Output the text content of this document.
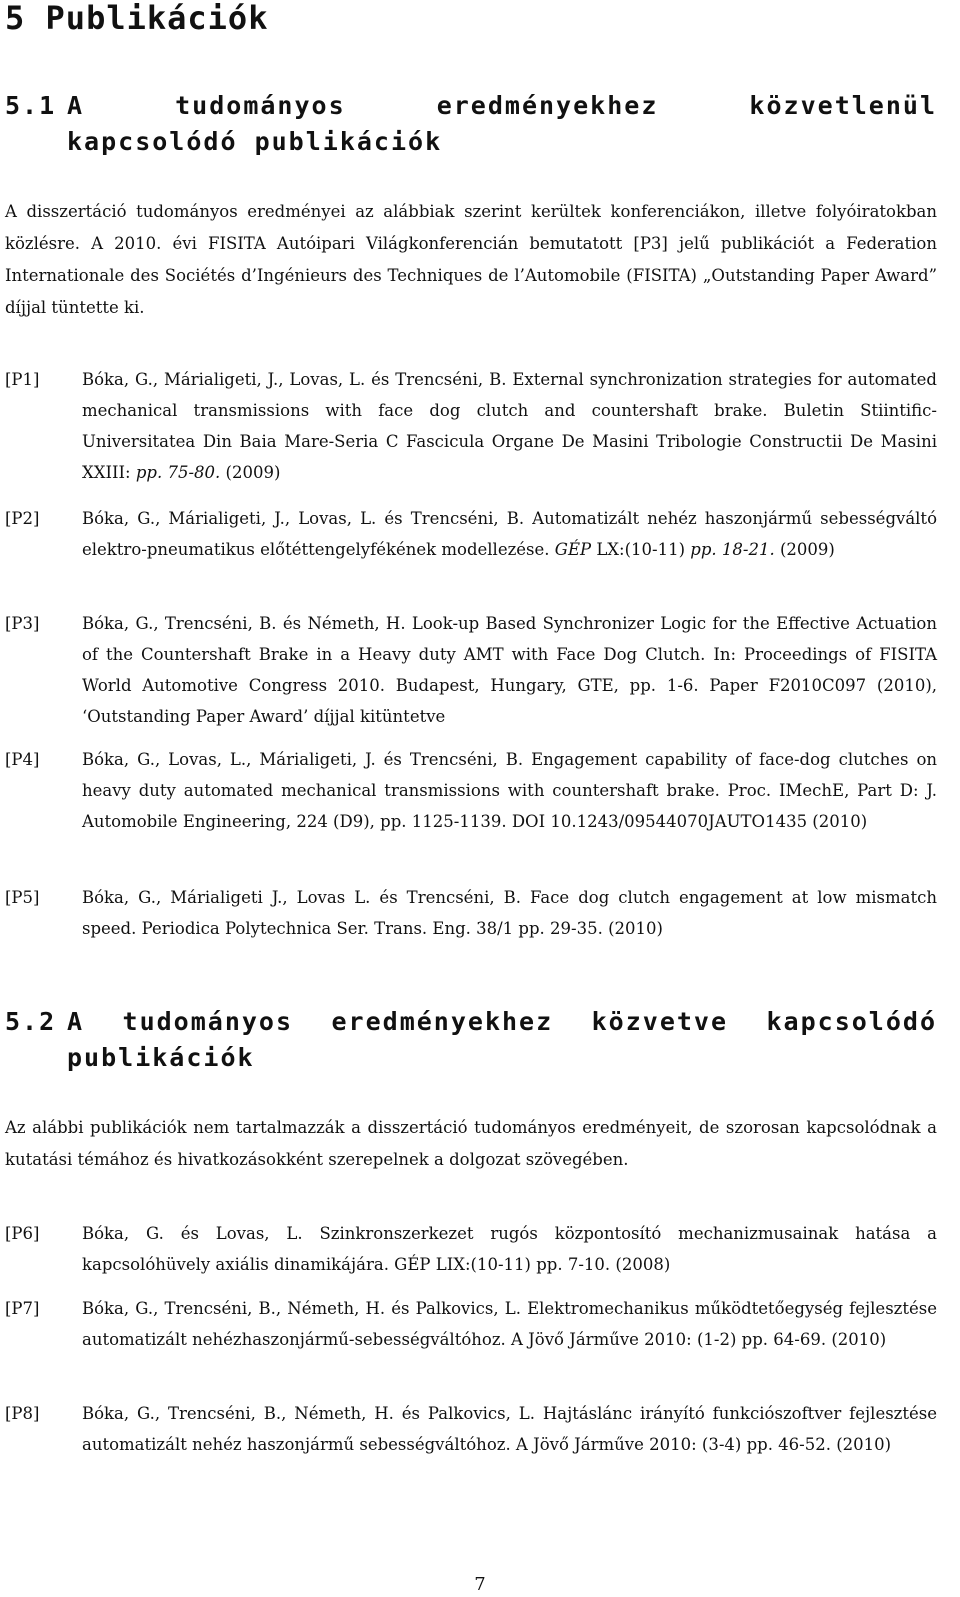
5 Publikációk
5.1 A tudományos eredményekhez közvetlenül
kapcsolódó publikációk

A disszertáció tudományos eredményei az alábbiak szerint kerültek konferenciákon, illetve folyóiratokban közlésre. A 2010. évi FISITA Autóipari Világkonferencián bemutatott [P3] jelű publikációt a Federation Internationale des Sociétés d’Ingénieurs des Techniques de l’Automobile (FISITA) „Outstanding Paper Award” díjjal tüntette ki.

[P1]	Bóka, G., Márialigeti, J., Lovas, L. és Trencséni, B. External synchronization strategies for automated mechanical transmissions with face dog clutch and countershaft brake. Buletin Stiintific-Universitatea Din Baia Mare-Seria C Fascicula Organe De Masini Tribologie Constructii De Masini XXIII: pp. 75-80. (2009)
[P2]	Bóka, G., Márialigeti, J., Lovas, L. és Trencséni, B. Automatizált nehéz haszonjármű sebességváltó elektro-pneumatikus előtéttengelyfékének modellezése. GÉP LX:(10-11) pp. 18-21. (2009)
[P3]	Bóka, G., Trencséni, B. és Németh, H. Look-up Based Synchronizer Logic for the Effective Actuation of the Countershaft Brake in a Heavy duty AMT with Face Dog Clutch. In: Proceedings of FISITA World Automotive Congress 2010. Budapest, Hungary, GTE, pp. 1-6. Paper F2010C097 (2010), ‘Outstanding Paper Award’ díjjal kitüntetve
[P4]	Bóka, G., Lovas, L., Márialigeti, J. és Trencséni, B. Engagement capability of face-dog clutches on heavy duty automated mechanical transmissions with countershaft brake. Proc. IMechE, Part D: J. Automobile Engineering, 224 (D9), pp. 1125-1139. DOI 10.1243/09544070JAUTO1435 (2010)
[P5]	Bóka, G., Márialigeti J., Lovas L. és Trencséni, B. Face dog clutch engagement at low mismatch speed. Periodica Polytechnica Ser. Trans. Eng. 38/1 pp. 29-35. (2010)
5.2 A tudományos eredményekhez közvetve kapcsolódó
publikációk

Az alábbi publikációk nem tartalmazzák a disszertáció tudományos eredményeit, de szorosan kapcsolódnak a kutatási témához és hivatkozásokként szerepelnek a dolgozat szövegében.

[P6]	Bóka, G. és Lovas, L. Szinkronszerkezet rugós központosító mechanizmusainak hatása a kapcsolóhüvely axiális dinamikájára. GÉP LIX:(10-11) pp. 7-10. (2008)
[P7]	Bóka, G., Trencséni, B., Németh, H. és Palkovics, L. Elektromechanikus működtetőegység fejlesztése automatizált nehézhaszonjármű-sebességváltóhoz. A Jövő Járműve 2010: (1-2) pp. 64-69. (2010)
[P8]	Bóka, G., Trencséni, B., Németh, H. és Palkovics, L. Hajtáslánc irányító funkciószoftver fejlesztése automatizált nehéz haszonjármű sebességváltóhoz. A Jövő Járműve 2010: (3-4) pp. 46-52. (2010)
7
